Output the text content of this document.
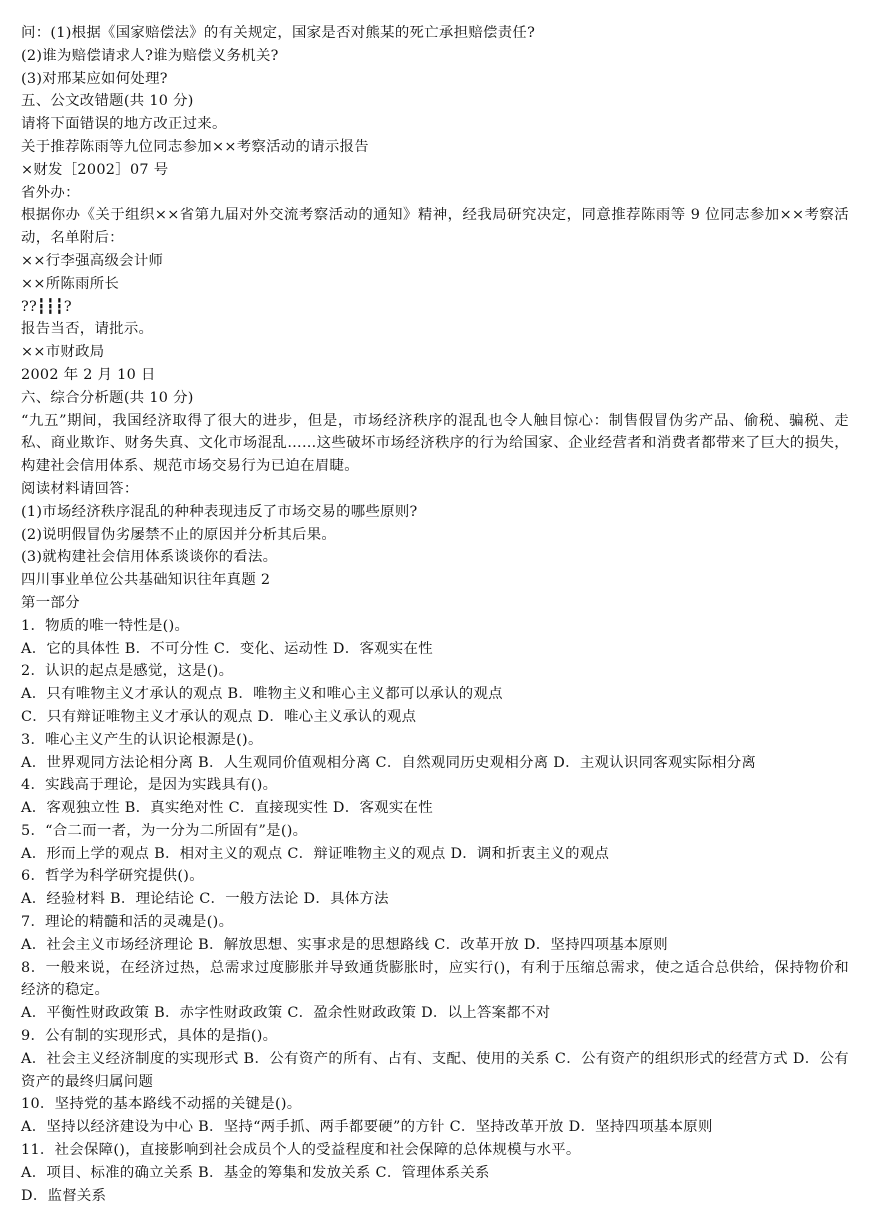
问：(1)根据《国家赔偿法》的有关规定，国家是否对熊某的死亡承担赔偿责任?

(2)谁为赔偿请求人?谁为赔偿义务机关?

(3)对邢某应如何处理?

五、公文改错题(共 10 分)

请将下面错误的地方改正过来。

关于推荐陈雨等九位同志参加××考察活动的请示报告

×财发［2002］07 号

省外办：

根据你办《关于组织××省第九届对外交流考察活动的通知》精神，经我局研究决定，同意推荐陈雨等 9 位同志参加××考察活动，名单附后：

××行李强高级会计师

××所陈雨所长

??┇┇┇?

报告当否，请批示。

××市财政局

2002 年 2 月 10 日

六、综合分析题(共 10 分)

“九五”期间，我国经济取得了很大的进步，但是，市场经济秩序的混乱也令人触目惊心：制售假冒伪劣产品、偷税、骗税、走私、商业欺诈、财务失真、文化市场混乱……这些破坏市场经济秩序的行为给国家、企业经营者和消费者都带来了巨大的损失，构建社会信用体系、规范市场交易行为已迫在眉睫。

阅读材料请回答：

(1)市场经济秩序混乱的种种表现违反了市场交易的哪些原则?

(2)说明假冒伪劣屡禁不止的原因并分析其后果。

(3)就构建社会信用体系谈谈你的看法。

四川事业单位公共基础知识往年真题 2

第一部分

1．物质的唯一特性是()。

A．它的具体性 B．不可分性 C．变化、运动性 D．客观实在性

2．认识的起点是感觉，这是()。

A．只有唯物主义才承认的观点 B．唯物主义和唯心主义都可以承认的观点

C．只有辩证唯物主义才承认的观点 D．唯心主义承认的观点

3．唯心主义产生的认识论根源是()。

A．世界观同方法论相分离 B．人生观同价值观相分离 C．自然观同历史观相分离 D．主观认识同客观实际相分离

4．实践高于理论，是因为实践具有()。

A．客观独立性 B．真实绝对性 C．直接现实性 D．客观实在性

5．“合二而一者，为一分为二所固有”是()。

A．形而上学的观点 B．相对主义的观点 C．辩证唯物主义的观点 D．调和折衷主义的观点

6．哲学为科学研究提供()。

A．经验材料 B．理论结论 C．一般方法论 D．具体方法

7．理论的精髓和活的灵魂是()。

A．社会主义市场经济理论 B．解放思想、实事求是的思想路线 C．改革开放 D．坚持四项基本原则

8．一般来说，在经济过热，总需求过度膨胀并导致通货膨胀时，应实行()，有利于压缩总需求，使之适合总供给，保持物价和经济的稳定。

A．平衡性财政政策 B．赤字性财政政策 C．盈余性财政政策 D．以上答案都不对

9．公有制的实现形式，具体的是指()。

A．社会主义经济制度的实现形式 B．公有资产的所有、占有、支配、使用的关系 C．公有资产的组织形式的经营方式 D．公有资产的最终归属问题

10．坚持党的基本路线不动摇的关键是()。

A．坚持以经济建设为中心 B．坚持“两手抓、两手都要硬”的方针 C．坚持改革开放 D．坚持四项基本原则

11．社会保障()，直接影响到社会成员个人的受益程度和社会保障的总体规模与水平。

A．项目、标准的确立关系 B．基金的筹集和发放关系 C．管理体系关系

D．监督关系
